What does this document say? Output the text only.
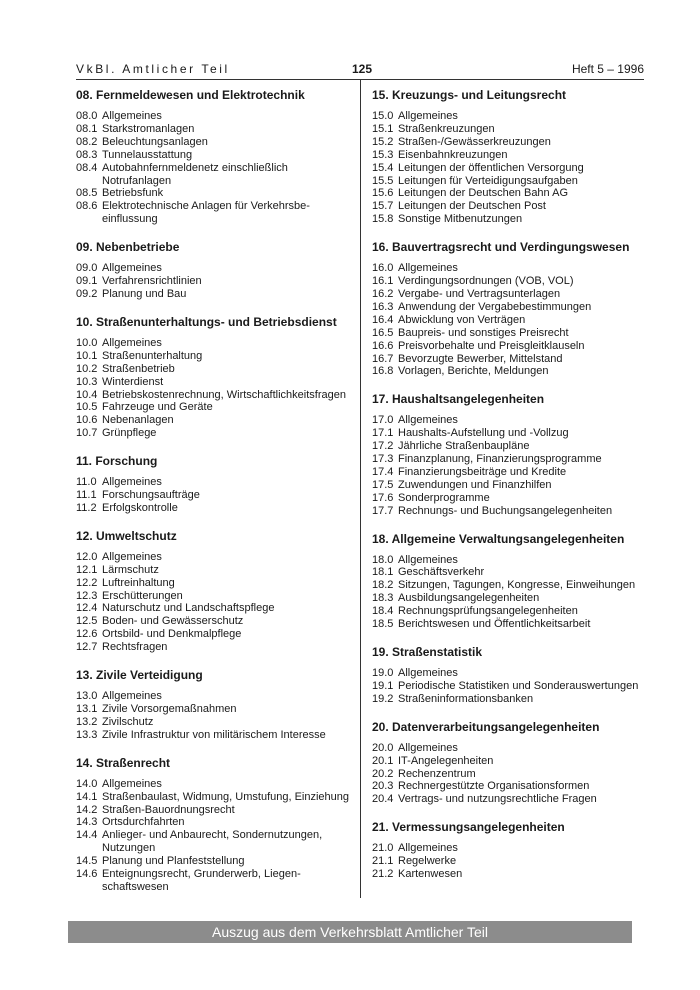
VkBl. Amtlicher Teil	125	Heft 5 – 1996
08. Fernmeldewesen und Elektrotechnik
08.0 Allgemeines
08.1 Starkstromanlagen
08.2 Beleuchtungsanlagen
08.3 Tunnelausstattung
08.4 Autobahnfernmeldenetz einschließlich Notrufanlagen
08.5 Betriebsfunk
08.6 Elektrotechnische Anlagen für Verkehrsbe-einflussung
09. Nebenbetriebe
09.0 Allgemeines
09.1 Verfahrensrichtlinien
09.2 Planung und Bau
10. Straßenunterhaltungs- und Betriebsdienst
10.0 Allgemeines
10.1 Straßenunterhaltung
10.2 Straßenbetrieb
10.3 Winterdienst
10.4 Betriebskostenrechnung, Wirtschaftlichkeitsfragen
10.5 Fahrzeuge und Geräte
10.6 Nebenanlagen
10.7 Grünpflege
11. Forschung
11.0 Allgemeines
11.1 Forschungsaufträge
11.2 Erfolgskontrolle
12. Umweltschutz
12.0 Allgemeines
12.1 Lärmschutz
12.2 Luftreinhaltung
12.3 Erschütterungen
12.4 Naturschutz und Landschaftspflege
12.5 Boden- und Gewässerschutz
12.6 Ortsbild- und Denkmalpflege
12.7 Rechtsfragen
13. Zivile Verteidigung
13.0 Allgemeines
13.1 Zivile Vorsorgemaßnahmen
13.2 Zivilschutz
13.3 Zivile Infrastruktur von militärischem Interesse
14. Straßenrecht
14.0 Allgemeines
14.1 Straßenbaulast, Widmung, Umstufung, Einziehung
14.2 Straßen-Bauordnungsrecht
14.3 Ortsdurchfahrten
14.4 Anlieger- und Anbaurecht, Sondernutzungen, Nutzungen
14.5 Planung und Planfeststellung
14.6 Enteignungsrecht, Grunderwerb, Liegen-schaftswesen
15. Kreuzungs- und Leitungsrecht
15.0 Allgemeines
15.1 Straßenkreuzungen
15.2 Straßen-/Gewässerkreuzungen
15.3 Eisenbahnkreuzungen
15.4 Leitungen der öffentlichen Versorgung
15.5 Leitungen für Verteidigungsaufgaben
15.6 Leitungen der Deutschen Bahn AG
15.7 Leitungen der Deutschen Post
15.8 Sonstige Mitbenutzungen
16. Bauvertragsrecht und Verdingungswesen
16.0 Allgemeines
16.1 Verdingungsordnungen (VOB, VOL)
16.2 Vergabe- und Vertragsunterlagen
16.3 Anwendung der Vergabebestimmungen
16.4 Abwicklung von Verträgen
16.5 Baupreis- und sonstiges Preisrecht
16.6 Preisvorbehalte und Preisgleitklauseln
16.7 Bevorzugte Bewerber, Mittelstand
16.8 Vorlagen, Berichte, Meldungen
17. Haushaltsangelegenheiten
17.0 Allgemeines
17.1 Haushalts-Aufstellung und -Vollzug
17.2 Jährliche Straßenbaupläne
17.3 Finanzplanung, Finanzierungsprogramme
17.4 Finanzierungsbeiträge und Kredite
17.5 Zuwendungen und Finanzhilfen
17.6 Sonderprogramme
17.7 Rechnungs- und Buchungsangelegenheiten
18. Allgemeine Verwaltungsangelegenheiten
18.0 Allgemeines
18.1 Geschäftsverkehr
18.2 Sitzungen, Tagungen, Kongresse, Einweihungen
18.3 Ausbildungsangelegenheiten
18.4 Rechnungsprüfungsangelegenheiten
18.5 Berichtswesen und Öffentlichkeitsarbeit
19. Straßenstatistik
19.0 Allgemeines
19.1 Periodische Statistiken und Sonderauswertungen
19.2 Straßeninformationsbanken
20. Datenverarbeitungsangelegenheiten
20.0 Allgemeines
20.1 IT-Angelegenheiten
20.2 Rechenzentrum
20.3 Rechnergestützte Organisationsformen
20.4 Vertrags- und nutzungsrechtliche Fragen
21. Vermessungsangelegenheiten
21.0 Allgemeines
21.1 Regelwerke
21.2 Kartenwesen
Auszug aus dem Verkehrsblatt Amtlicher Teil
